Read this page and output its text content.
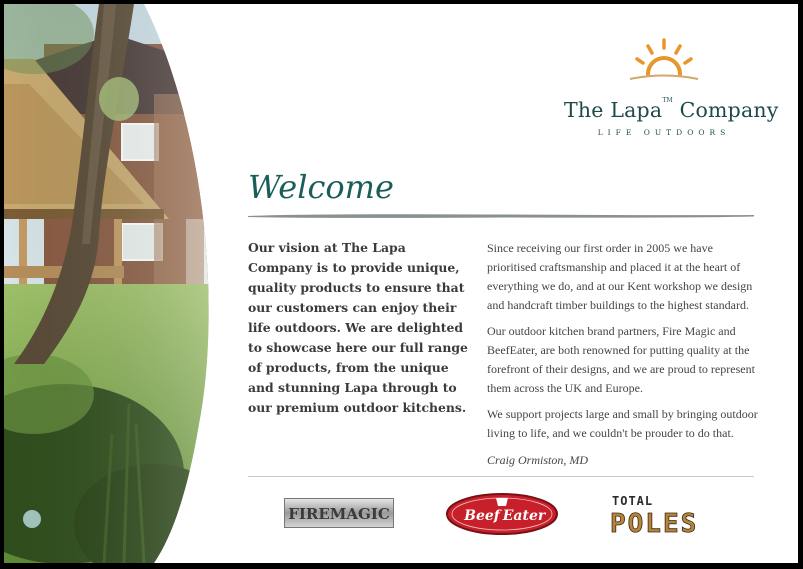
The Lapa™ Company
LIFE OUTDOORS
Welcome
Our vision at The Lapa Company is to provide unique, quality products to ensure that our customers can enjoy their life outdoors. We are delighted to showcase here our full range of products, from the unique and stunning Lapa through to our premium outdoor kitchens.

Since receiving our first order in 2005 we have prioritised craftsmanship and placed it at the heart of everything we do, and at our Kent workshop we design and handcraft timber buildings to the highest standard.

Our outdoor kitchen brand partners, Fire Magic and BeefEater, are both renowned for putting quality at the forefront of their designs, and we are proud to represent them across the UK and Europe.

We support projects large and small by bringing outdoor living to life, and we couldn't be prouder to do that.

Craig Ormiston, MD

FIREMAGIC	Beef Eater
TOTAL
POLES
